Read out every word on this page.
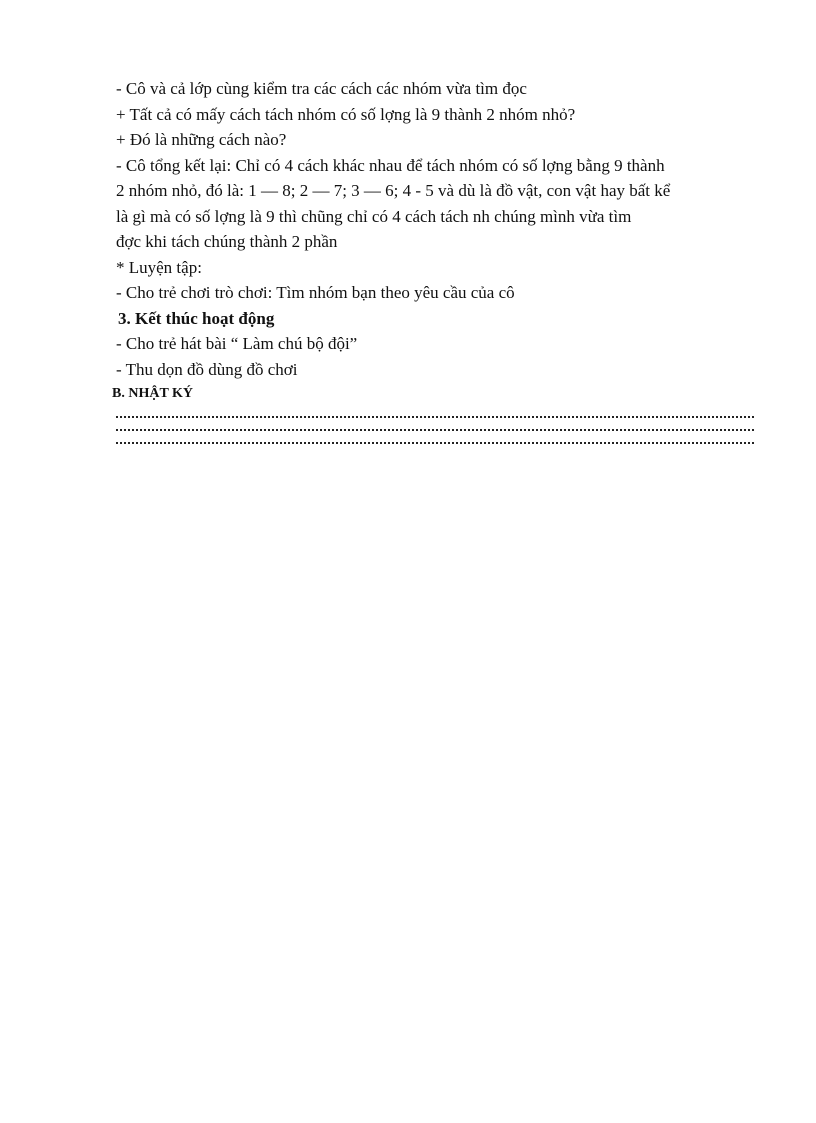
- Cô và cả lớp cùng kiểm tra các cách các nhóm vừa tìm đọc
+ Tất cả có mấy cách tách nhóm có số lợng là 9 thành 2 nhóm nhỏ?
+ Đó là những cách nào?
- Cô tổng kết lại: Chỉ có 4 cách khác nhau để tách nhóm có số lợng bằng 9 thành
2 nhóm nhỏ, đó là: 1 — 8; 2 — 7; 3 — 6; 4 - 5 và dù là đồ vật, con vật hay bất kể
là gì mà có số lợng là 9 thì chũng chỉ có 4 cách tách nh chúng mình vừa tìm
đợc khi tách chúng thành 2 phần
* Luyện tập:
- Cho trẻ chơi trò chơi: Tìm nhóm bạn theo yêu cầu của cô
3. Kết thúc hoạt động
- Cho trẻ hát bài “ Làm chú bộ đội”
- Thu dọn đồ dùng đồ chơi
B. NHẬT KÝ
